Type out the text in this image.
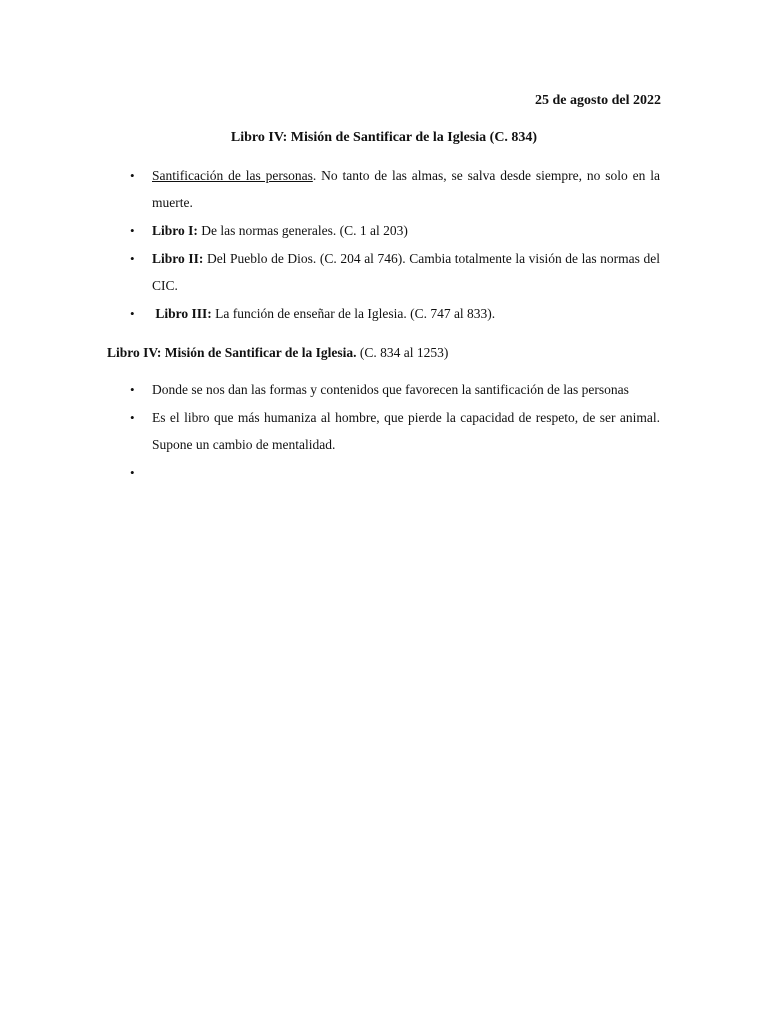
25 de agosto del 2022
Libro IV: Misión de Santificar de la Iglesia (C. 834)
• Santificación de las personas. No tanto de las almas, se salva desde siempre, no solo en la muerte.
• Libro I: De las normas generales. (C. 1 al 203)
• Libro II: Del Pueblo de Dios. (C. 204 al 746). Cambia totalmente la visión de las normas del CIC.
• Libro III: La función de enseñar de la Iglesia. (C. 747 al 833).
Libro IV: Misión de Santificar de la Iglesia. (C. 834 al 1253)
• Donde se nos dan las formas y contenidos que favorecen la santificación de las personas
• Es el libro que más humaniza al hombre, que pierde la capacidad de respeto, de ser animal. Supone un cambio de mentalidad.
•
